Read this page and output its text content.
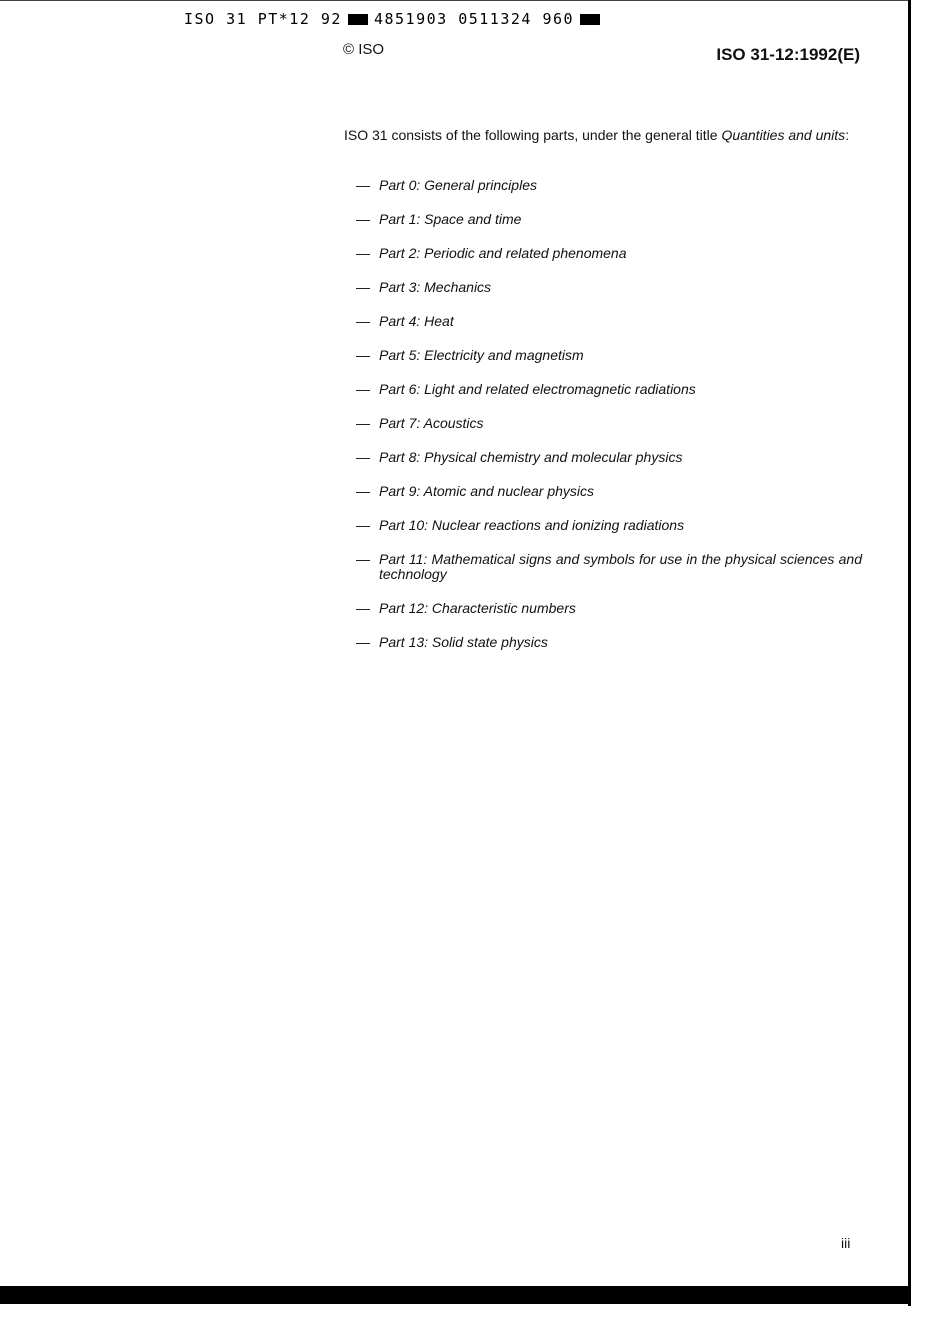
ISO 31 PT*12 92 4851903 0511324 960
© ISO	ISO 31-12:1992(E)

ISO 31 consists of the following parts, under the general title Quantities and units:

— Part 0: General principles
— Part 1: Space and time
— Part 2: Periodic and related phenomena
— Part 3: Mechanics
— Part 4: Heat
— Part 5: Electricity and magnetism
— Part 6: Light and related electromagnetic radiations
— Part 7: Acoustics
— Part 8: Physical chemistry and molecular physics
— Part 9: Atomic and nuclear physics
— Part 10: Nuclear reactions and ionizing radiations
— Part 11: Mathematical signs and symbols for use in the physical sciences and technology
— Part 12: Characteristic numbers
— Part 13: Solid state physics
iii
